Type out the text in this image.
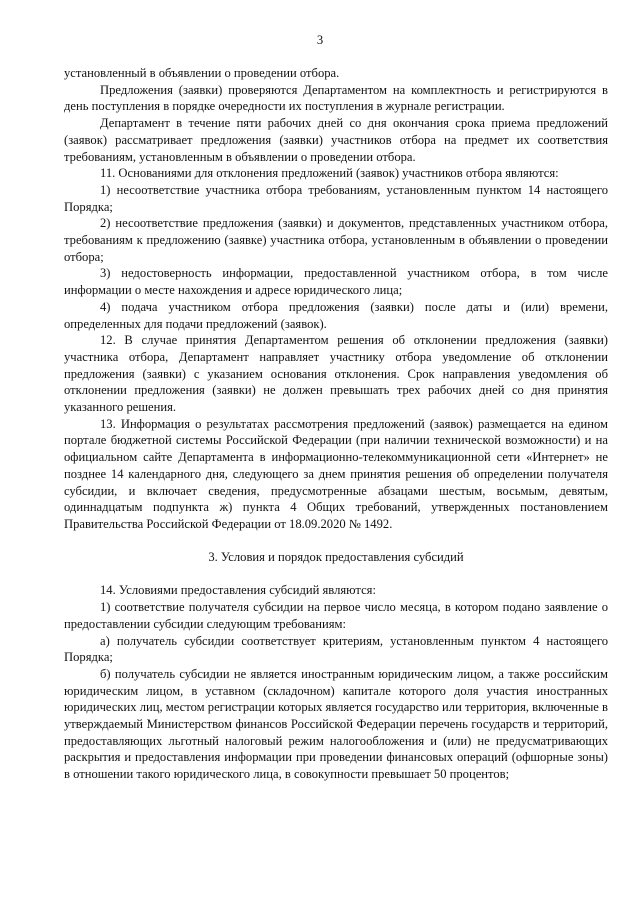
3

установленный в объявлении о проведении отбора.

Предложения (заявки) проверяются Департаментом на комплектность и регистрируются в день поступления в порядке очередности их поступления в журнале регистрации.

Департамент в течение пяти рабочих дней со дня окончания срока приема предложений (заявок) рассматривает предложения (заявки) участников отбора на предмет их соответствия требованиям, установленным в объявлении о проведении отбора.

11. Основаниями для отклонения предложений (заявок) участников отбора являются:

1) несоответствие участника отбора требованиям, установленным пунктом 14 настоящего Порядка;

2) несоответствие предложения (заявки) и документов, представленных участником отбора, требованиям к предложению (заявке) участника отбора, установленным в объявлении о проведении отбора;

3) недостоверность информации, предоставленной участником отбора, в том числе информации о месте нахождения и адресе юридического лица;

4) подача участником отбора предложения (заявки) после даты и (или) времени, определенных для подачи предложений (заявок).

12. В случае принятия Департаментом решения об отклонении предложения (заявки) участника отбора, Департамент направляет участнику отбора уведомление об отклонении предложения (заявки) с указанием основания отклонения. Срок направления уведомления об отклонении предложения (заявки) не должен превышать трех рабочих дней со дня принятия указанного решения.

13. Информация о результатах рассмотрения предложений (заявок) размещается на едином портале бюджетной системы Российской Федерации (при наличии технической возможности) и на официальном сайте Департамента в информационно-телекоммуникационной сети «Интернет» не позднее 14 календарного дня, следующего за днем принятия решения об определении получателя субсидии, и включает сведения, предусмотренные абзацами шестым, восьмым, девятым, одиннадцатым подпункта ж) пункта 4 Общих требований, утвержденных постановлением Правительства Российской Федерации от 18.09.2020 № 1492.

3. Условия и порядок предоставления субсидий

14. Условиями предоставления субсидий являются:

1) соответствие получателя субсидии на первое число месяца, в котором подано заявление о предоставлении субсидии следующим требованиям:

а) получатель субсидии соответствует критериям, установленным пунктом 4 настоящего Порядка;

б) получатель субсидии не является иностранным юридическим лицом, а также российским юридическим лицом, в уставном (складочном) капитале которого доля участия иностранных юридических лиц, местом регистрации которых является государство или территория, включенные в утверждаемый Министерством финансов Российской Федерации перечень государств и территорий, предоставляющих льготный налоговый режим налогообложения и (или) не предусматривающих раскрытия и предоставления информации при проведении финансовых операций (офшорные зоны) в отношении такого юридического лица, в совокупности превышает 50 процентов;
